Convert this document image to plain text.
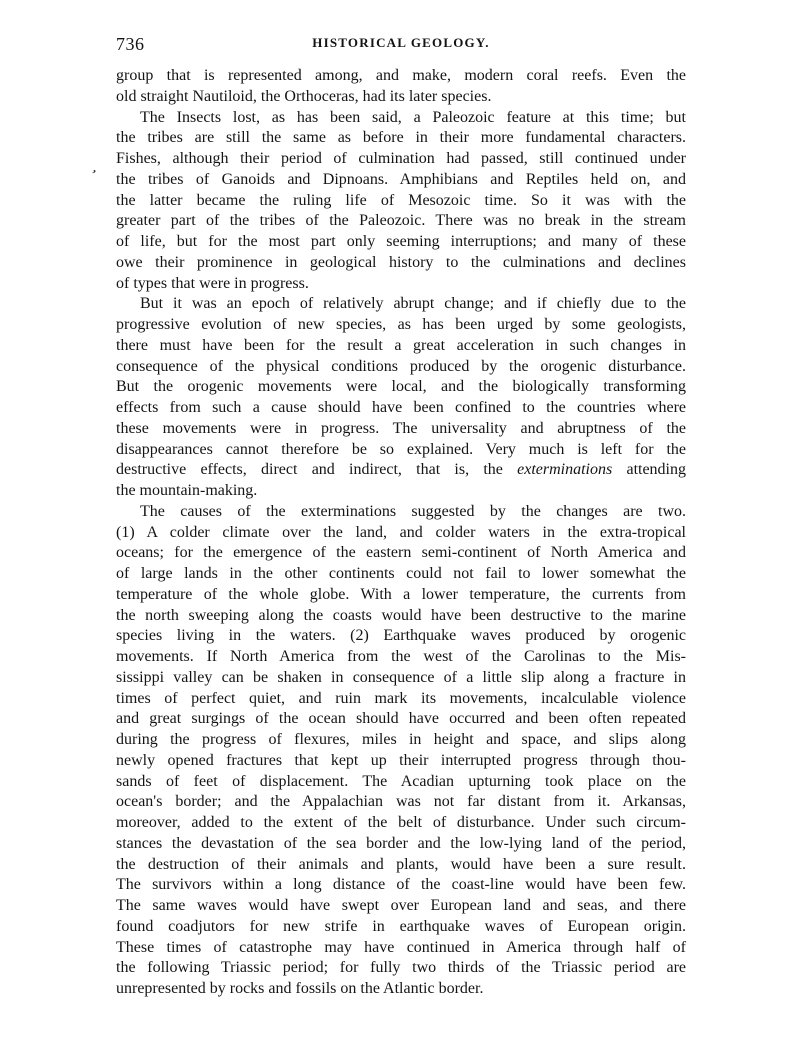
,
736	HISTORICAL GEOLOGY.

group that is represented among, and make, modern coral reefs. Even the
old straight Nautiloid, the Orthoceras, had its later species.

The Insects lost, as has been said, a Paleozoic feature at this time; but
the tribes are still the same as before in their more fundamental characters.
Fishes, although their period of culmination had passed, still continued under
the tribes of Ganoids and Dipnoans. Amphibians and Reptiles held on, and
the latter became the ruling life of Mesozoic time. So it was with the
greater part of the tribes of the Paleozoic. There was no break in the stream
of life, but for the most part only seeming interruptions; and many of these
owe their prominence in geological history to the culminations and declines
of types that were in progress.

But it was an epoch of relatively abrupt change; and if chiefly due to the
progressive evolution of new species, as has been urged by some geologists,
there must have been for the result a great acceleration in such changes in
consequence of the physical conditions produced by the orogenic disturbance.
But the orogenic movements were local, and the biologically transforming
effects from such a cause should have been confined to the countries where
these movements were in progress. The universality and abruptness of the
disappearances cannot therefore be so explained. Very much is left for the
destructive effects, direct and indirect, that is, the exterminations attending
the mountain-making.

The causes of the exterminations suggested by the changes are two.
(1) A colder climate over the land, and colder waters in the extra-tropical
oceans; for the emergence of the eastern semi-continent of North America and
of large lands in the other continents could not fail to lower somewhat the
temperature of the whole globe. With a lower temperature, the currents from
the north sweeping along the coasts would have been destructive to the marine
species living in the waters. (2) Earthquake waves produced by orogenic
movements. If North America from the west of the Carolinas to the Mis-
sissippi valley can be shaken in consequence of a little slip along a fracture in
times of perfect quiet, and ruin mark its movements, incalculable violence
and great surgings of the ocean should have occurred and been often repeated
during the progress of flexures, miles in height and space, and slips along
newly opened fractures that kept up their interrupted progress through thou-
sands of feet of displacement. The Acadian upturning took place on the
ocean's border; and the Appalachian was not far distant from it. Arkansas,
moreover, added to the extent of the belt of disturbance. Under such circum-
stances the devastation of the sea border and the low-lying land of the period,
the destruction of their animals and plants, would have been a sure result.
The survivors within a long distance of the coast-line would have been few.
The same waves would have swept over European land and seas, and there
found coadjutors for new strife in earthquake waves of European origin.
These times of catastrophe may have continued in America through half of
the following Triassic period; for fully two thirds of the Triassic period are
unrepresented by rocks and fossils on the Atlantic border.
